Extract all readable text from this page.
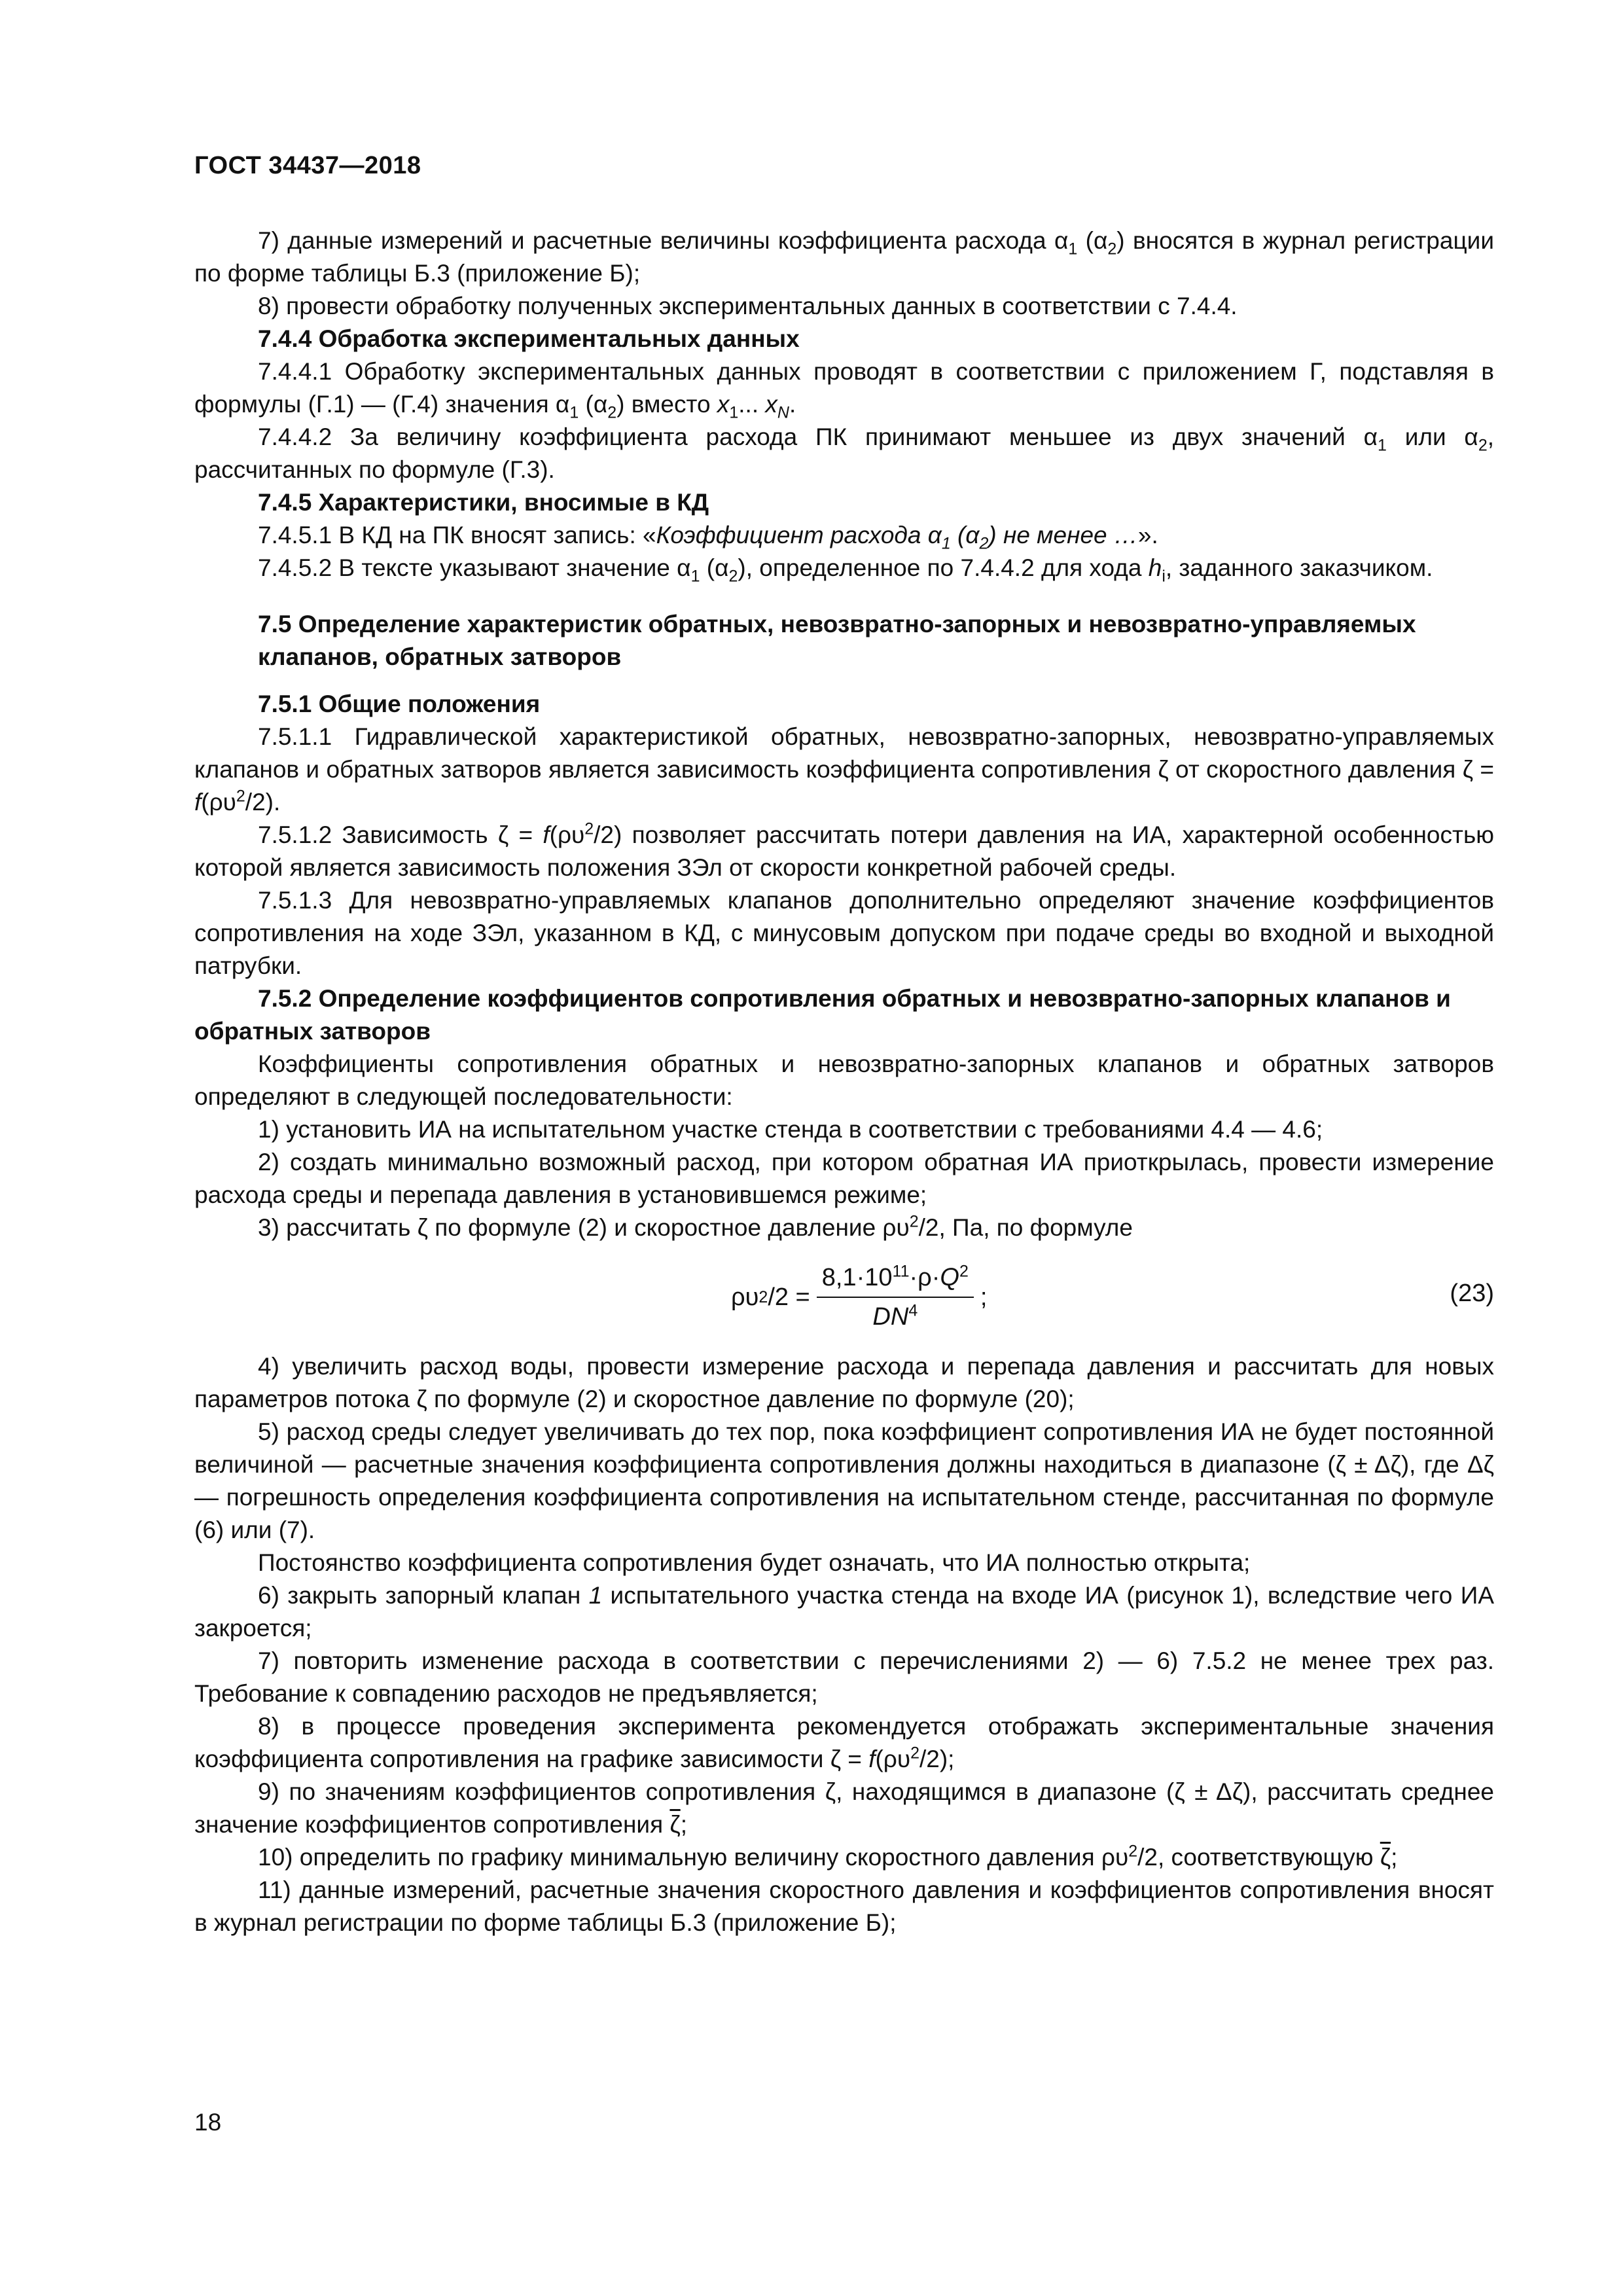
ГОСТ 34437—2018

7) данные измерений и расчетные величины коэффициента расхода $\alpha_1$ $(\alpha_2)$ вносятся в журнал регистрации по форме таблицы Б.3 (приложение Б);

8) провести обработку полученных экспериментальных данных в соответствии с 7.4.4.

7.4.4 Обработка экспериментальных данных

7.4.4.1 Обработку экспериментальных данных проводят в соответствии с приложением Г, подставляя в формулы (Г.1) — (Г.4) значения $\alpha_1$ $(\alpha_2)$ вместо $x_1$... $x_N$.

7.4.4.2 За величину коэффициента расхода ПК принимают меньшее из двух значений $\alpha_1$ или $\alpha_2$, рассчитанных по формуле (Г.3).

7.4.5 Характеристики, вносимые в КД

7.4.5.1 В КД на ПК вносят запись: «Коэффициент расхода $\alpha_1$ $(\alpha_2)$ не менее …».

7.4.5.2 В тексте указывают значение $\alpha_1$ $(\alpha_2)$, определенное по 7.4.4.2 для хода $h_i$, заданного заказчиком.

7.5 Определение характеристик обратных, невозвратно-запорных и невозвратно-управляемых клапанов, обратных затворов

7.5.1 Общие положения

7.5.1.1 Гидравлической характеристикой обратных, невозвратно-запорных, невозвратно-управляемых клапанов и обратных затворов является зависимость коэффициента сопротивления ζ от скоростного давления $\zeta = f(\rho\upsilon^2/2)$.

7.5.1.2 Зависимость $\zeta = f(\rho\upsilon^2/2)$ позволяет рассчитать потери давления на ИА, характерной особенностью которой является зависимость положения ЗЭл от скорости конкретной рабочей среды.

7.5.1.3 Для невозвратно-управляемых клапанов дополнительно определяют значение коэффициентов сопротивления на ходе ЗЭл, указанном в КД, с минусовым допуском при подаче среды во входной и выходной патрубки.

7.5.2 Определение коэффициентов сопротивления обратных и невозвратно-запорных клапанов и обратных затворов

Коэффициенты сопротивления обратных и невозвратно-запорных клапанов и обратных затворов определяют в следующей последовательности:

1) установить ИА на испытательном участке стенда в соответствии с требованиями 4.4 — 4.6;

2) создать минимально возможный расход, при котором обратная ИА приоткрылась, провести измерение расхода среды и перепада давления в установившемся режиме;

3) рассчитать ζ по формуле (2) и скоростное давление $\rho\upsilon^2/2$, Па, по формуле

ρυ 2 $/2 = \frac{8,1\cdot 10^{11}\cdot\rho\cdot Q^2}{DN^4}$ ;	(23)

4) увеличить расход воды, провести измерение расхода и перепада давления и рассчитать для новых параметров потока ζ по формуле (2) и скоростное давление по формуле (20);

5) расход среды следует увеличивать до тех пор, пока коэффициент сопротивления ИА не будет постоянной величиной — расчетные значения коэффициента сопротивления должны находиться в диапазоне (ζ ± Δζ), где Δζ — погрешность определения коэффициента сопротивления на испытательном стенде, рассчитанная по формуле (6) или (7).

Постоянство коэффициента сопротивления будет означать, что ИА полностью открыта;

6) закрыть запорный клапан 1 испытательного участка стенда на входе ИА (рисунок 1), вследствие чего ИА закроется;

7) повторить изменение расхода в соответствии с перечислениями 2) — 6) 7.5.2 не менее трех раз. Требование к совпадению расходов не предъявляется;

8) в процессе проведения эксперимента рекомендуется отображать экспериментальные значения коэффициента сопротивления на графике зависимости $\zeta = f(\rho\upsilon^2/2)$;

9) по значениям коэффициентов сопротивления ζ, находящимся в диапазоне (ζ ± Δζ), рассчитать среднее значение коэффициентов сопротивления $\overline{\zeta}$;

10) определить по графику минимальную величину скоростного давления $\rho\upsilon^2/2$, соответствующую $\overline{\zeta}$;

11) данные измерений, расчетные значения скоростного давления и коэффициентов сопротивления вносят в журнал регистрации по форме таблицы Б.3 (приложение Б);

18
